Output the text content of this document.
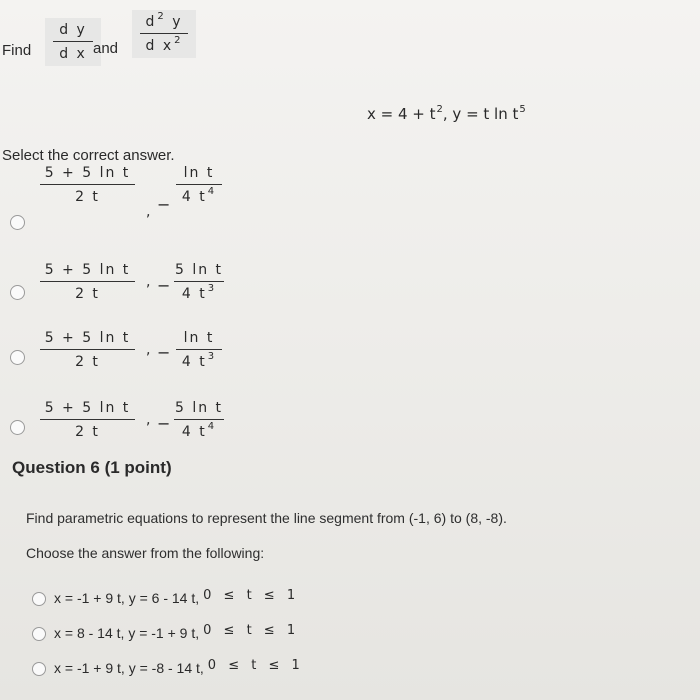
Find
d y
d x and
$d^2$ y
d $x^2$
$x = 4 + t^2$, y = t $\ln t^5$
Select the correct answer.
5 + 5 ln t
2 t
, −
ln t
4 $t^4$
5 + 5 ln t
2 t
, −
5 ln t
4 $t^3$
5 + 5 ln t
2 t
, −
ln t
4 $t^3$
5 + 5 ln t
2 t
, −
5 ln t
4 $t^4$
Question 6 (1 point)
Find parametric equations to represent the line segment from (-1, 6) to (8, -8).
Choose the answer from the following:
x = -1 + 9 t, y = 6 - 14 t, 0 ≤ t ≤ 1
x = 8 - 14 t, y = -1 + 9 t, 0 ≤ t ≤ 1
x = -1 + 9 t, y = -8 - 14 t, 0 ≤ t ≤ 1
